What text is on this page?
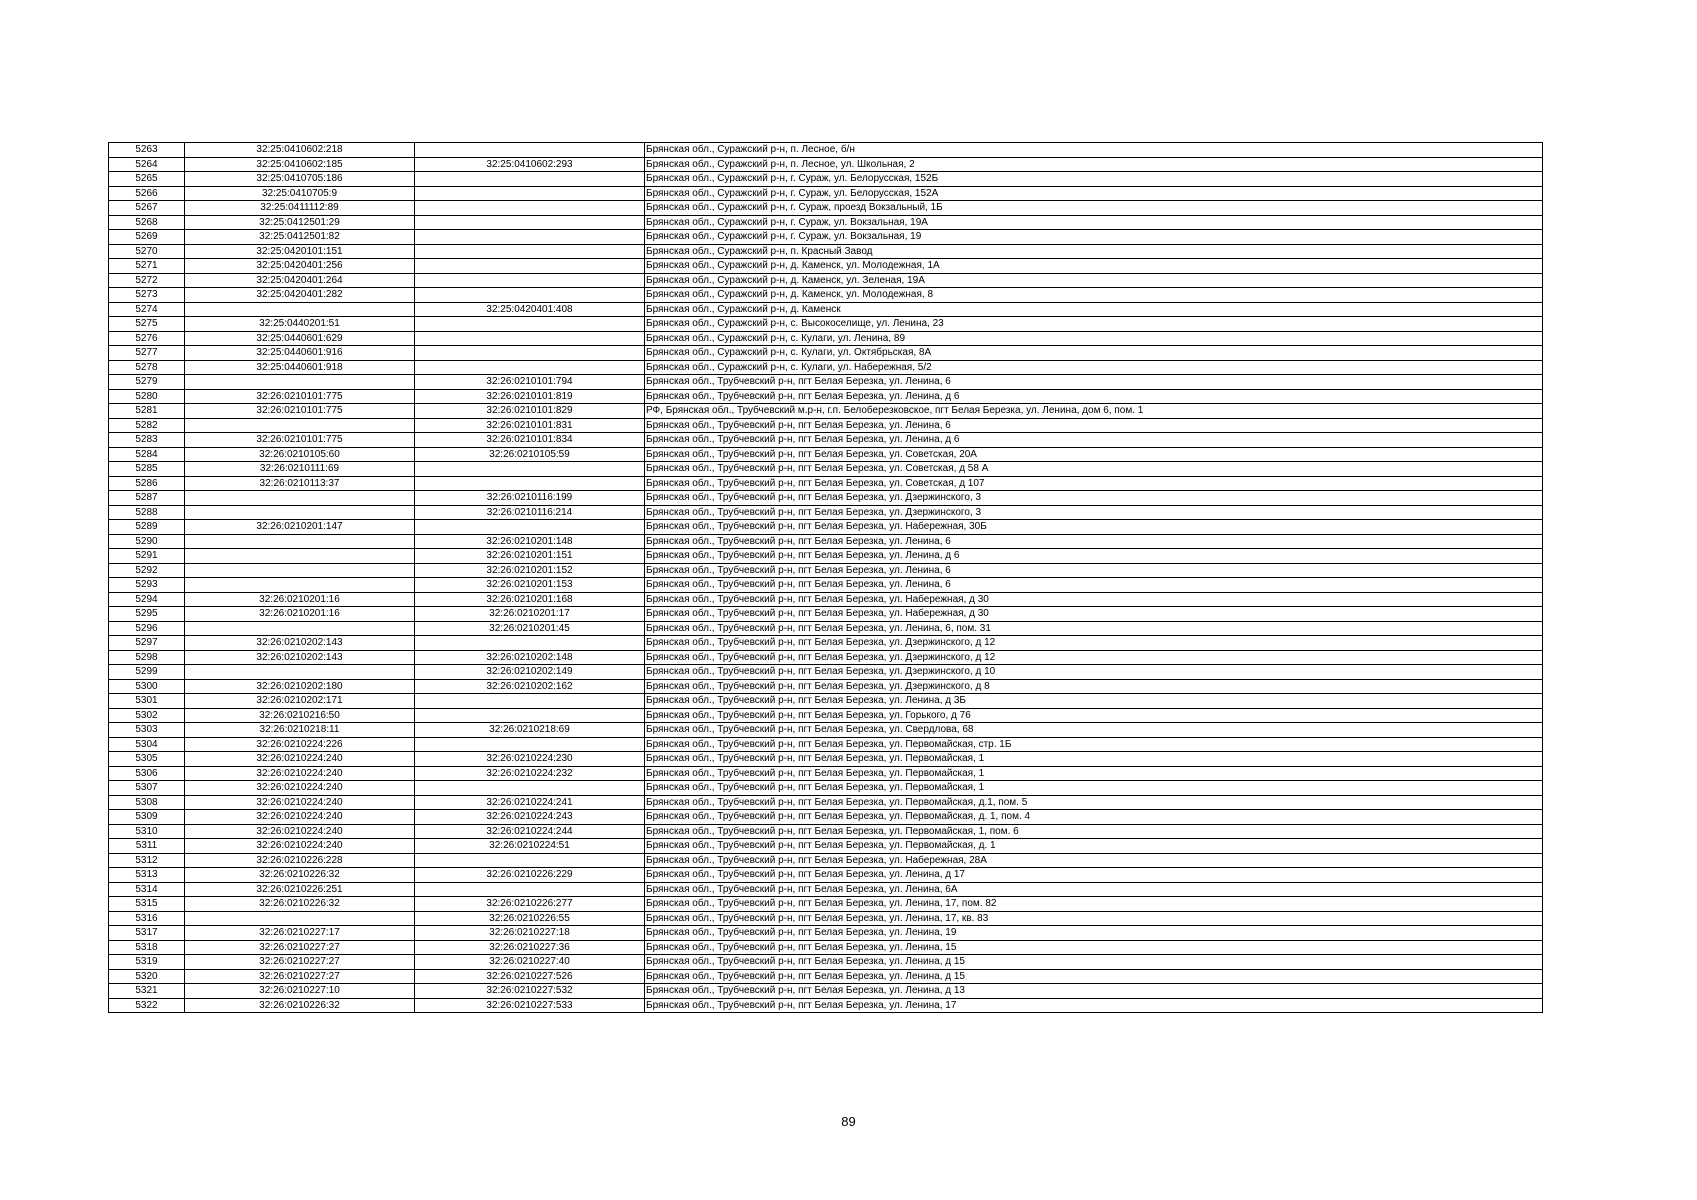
5263	32:25:0410602:218		Брянская обл., Суражский р-н, п. Лесное, б/н
5264	32:25:0410602:185	32:25:0410602:293	Брянская обл., Суражский р-н, п. Лесное, ул. Школьная, 2
5265	32:25:0410705:186		Брянская обл., Суражский р-н, г. Сураж, ул. Белорусская, 152Б
5266	32:25:0410705:9		Брянская обл., Суражский р-н, г. Сураж, ул. Белорусская, 152А
5267	32:25:0411112:89		Брянская обл., Суражский р-н, г. Сураж, проезд Вокзальный, 1Б
5268	32:25:0412501:29		Брянская обл., Суражский р-н, г. Сураж, ул. Вокзальная, 19А
5269	32:25:0412501:82		Брянская обл., Суражский р-н, г. Сураж, ул. Вокзальная, 19
5270	32:25:0420101:151		Брянская обл., Суражский р-н, п. Красный Завод
5271	32:25:0420401:256		Брянская обл., Суражский р-н, д. Каменск, ул. Молодежная, 1А
5272	32:25:0420401:264		Брянская обл., Суражский р-н, д. Каменск, ул. Зеленая, 19А
5273	32:25:0420401:282		Брянская обл., Суражский р-н, д. Каменск, ул. Молодежная, 8
5274		32:25:0420401:408	Брянская обл., Суражский р-н, д. Каменск
5275	32:25:0440201:51		Брянская обл., Суражский р-н, с. Высокоселище, ул. Ленина, 23
5276	32:25:0440601:629		Брянская обл., Суражский р-н, с. Кулаги, ул. Ленина, 89
5277	32:25:0440601:916		Брянская обл., Суражский р-н, с. Кулаги, ул. Октябрьская, 8А
5278	32:25:0440601:918		Брянская обл., Суражский р-н, с. Кулаги, ул. Набережная, 5/2
5279		32:26:0210101:794	Брянская обл., Трубчевский р-н, пгт Белая Березка, ул. Ленина, 6
5280	32:26:0210101:775	32:26:0210101:819	Брянская обл., Трубчевский р-н, пгт Белая Березка, ул. Ленина, д 6
5281	32:26:0210101:775	32:26:0210101:829	РФ, Брянская обл., Трубчевский м.р-н, г.п. Белоберезковское, пгт Белая Березка, ул. Ленина, дом 6, пом. 1
5282		32:26:0210101:831	Брянская обл., Трубчевский р-н, пгт Белая Березка, ул. Ленина, 6
5283	32:26:0210101:775	32:26:0210101:834	Брянская обл., Трубчевский р-н, пгт Белая Березка, ул. Ленина, д 6
5284	32:26:0210105:60	32:26:0210105:59	Брянская обл., Трубчевский р-н, пгт Белая Березка, ул. Советская, 20А
5285	32:26:0210111:69		Брянская обл., Трубчевский р-н, пгт Белая Березка, ул. Советская, д 58 А
5286	32:26:0210113:37		Брянская обл., Трубчевский р-н, пгт Белая Березка, ул. Советская, д 107
5287		32:26:0210116:199	Брянская обл., Трубчевский р-н, пгт Белая Березка, ул. Дзержинского, 3
5288		32:26:0210116:214	Брянская обл., Трубчевский р-н, пгт Белая Березка, ул. Дзержинского, 3
5289	32:26:0210201:147		Брянская обл., Трубчевский р-н, пгт Белая Березка, ул. Набережная, 30Б
5290		32:26:0210201:148	Брянская обл., Трубчевский р-н, пгт Белая Березка, ул. Ленина, 6
5291		32:26:0210201:151	Брянская обл., Трубчевский р-н, пгт Белая Березка, ул. Ленина, д 6
5292		32:26:0210201:152	Брянская обл., Трубчевский р-н, пгт Белая Березка, ул. Ленина, 6
5293		32:26:0210201:153	Брянская обл., Трубчевский р-н, пгт Белая Березка, ул. Ленина, 6
5294	32:26:0210201:16	32:26:0210201:168	Брянская обл., Трубчевский р-н, пгт Белая Березка, ул. Набережная, д 30
5295	32:26:0210201:16	32:26:0210201:17	Брянская обл., Трубчевский р-н, пгт Белая Березка, ул. Набережная, д 30
5296		32:26:0210201:45	Брянская обл., Трубчевский р-н, пгт Белая Березка, ул. Ленина, 6, пом. 31
5297	32:26:0210202:143		Брянская обл., Трубчевский р-н, пгт Белая Березка, ул. Дзержинского, д 12
5298	32:26:0210202:143	32:26:0210202:148	Брянская обл., Трубчевский р-н, пгт Белая Березка, ул. Дзержинского, д 12
5299		32:26:0210202:149	Брянская обл., Трубчевский р-н, пгт Белая Березка, ул. Дзержинского, д 10
5300	32:26:0210202:180	32:26:0210202:162	Брянская обл., Трубчевский р-н, пгт Белая Березка, ул. Дзержинского, д 8
5301	32:26:0210202:171		Брянская обл., Трубчевский р-н, пгт Белая Березка, ул. Ленина, д 3Б
5302	32:26:0210216:50		Брянская обл., Трубчевский р-н, пгт Белая Березка, ул. Горького, д 76
5303	32:26:0210218:11	32:26:0210218:69	Брянская обл., Трубчевский р-н, пгт Белая Березка, ул. Свердлова, 68
5304	32:26:0210224:226		Брянская обл., Трубчевский р-н, пгт Белая Березка, ул. Первомайская, стр. 1Б
5305	32:26:0210224:240	32:26:0210224:230	Брянская обл., Трубчевский р-н, пгт Белая Березка, ул. Первомайская, 1
5306	32:26:0210224:240	32:26:0210224:232	Брянская обл., Трубчевский р-н, пгт Белая Березка, ул. Первомайская, 1
5307	32:26:0210224:240		Брянская обл., Трубчевский р-н, пгт Белая Березка, ул. Первомайская, 1
5308	32:26:0210224:240	32:26:0210224:241	Брянская обл., Трубчевский р-н, пгт Белая Березка, ул. Первомайская, д.1, пом. 5
5309	32:26:0210224:240	32:26:0210224:243	Брянская обл., Трубчевский р-н, пгт Белая Березка, ул. Первомайская, д. 1, пом. 4
5310	32:26:0210224:240	32:26:0210224:244	Брянская обл., Трубчевский р-н, пгт Белая Березка, ул. Первомайская, 1, пом. 6
5311	32:26:0210224:240	32:26:0210224:51	Брянская обл., Трубчевский р-н, пгт Белая Березка, ул. Первомайская, д. 1
5312	32:26:0210226:228		Брянская обл., Трубчевский р-н, пгт Белая Березка, ул. Набережная, 28А
5313	32:26:0210226:32	32:26:0210226:229	Брянская обл., Трубчевский р-н, пгт Белая Березка, ул. Ленина, д 17
5314	32:26:0210226:251		Брянская обл., Трубчевский р-н, пгт Белая Березка, ул. Ленина, 6А
5315	32:26:0210226:32	32:26:0210226:277	Брянская обл., Трубчевский р-н, пгт Белая Березка, ул. Ленина, 17, пом. 82
5316		32:26:0210226:55	Брянская обл., Трубчевский р-н, пгт Белая Березка, ул. Ленина, 17, кв. 83
5317	32:26:0210227:17	32:26:0210227:18	Брянская обл., Трубчевский р-н, пгт Белая Березка, ул. Ленина, 19
5318	32:26:0210227:27	32:26:0210227:36	Брянская обл., Трубчевский р-н, пгт Белая Березка, ул. Ленина, 15
5319	32:26:0210227:27	32:26:0210227:40	Брянская обл., Трубчевский р-н, пгт Белая Березка, ул. Ленина, д 15
5320	32:26:0210227:27	32:26:0210227:526	Брянская обл., Трубчевский р-н, пгт Белая Березка, ул. Ленина, д 15
5321	32:26:0210227:10	32:26:0210227:532	Брянская обл., Трубчевский р-н, пгт Белая Березка, ул. Ленина, д 13
5322	32:26:0210226:32	32:26:0210227:533	Брянская обл., Трубчевский р-н, пгт Белая Березка, ул. Ленина, 17
89
